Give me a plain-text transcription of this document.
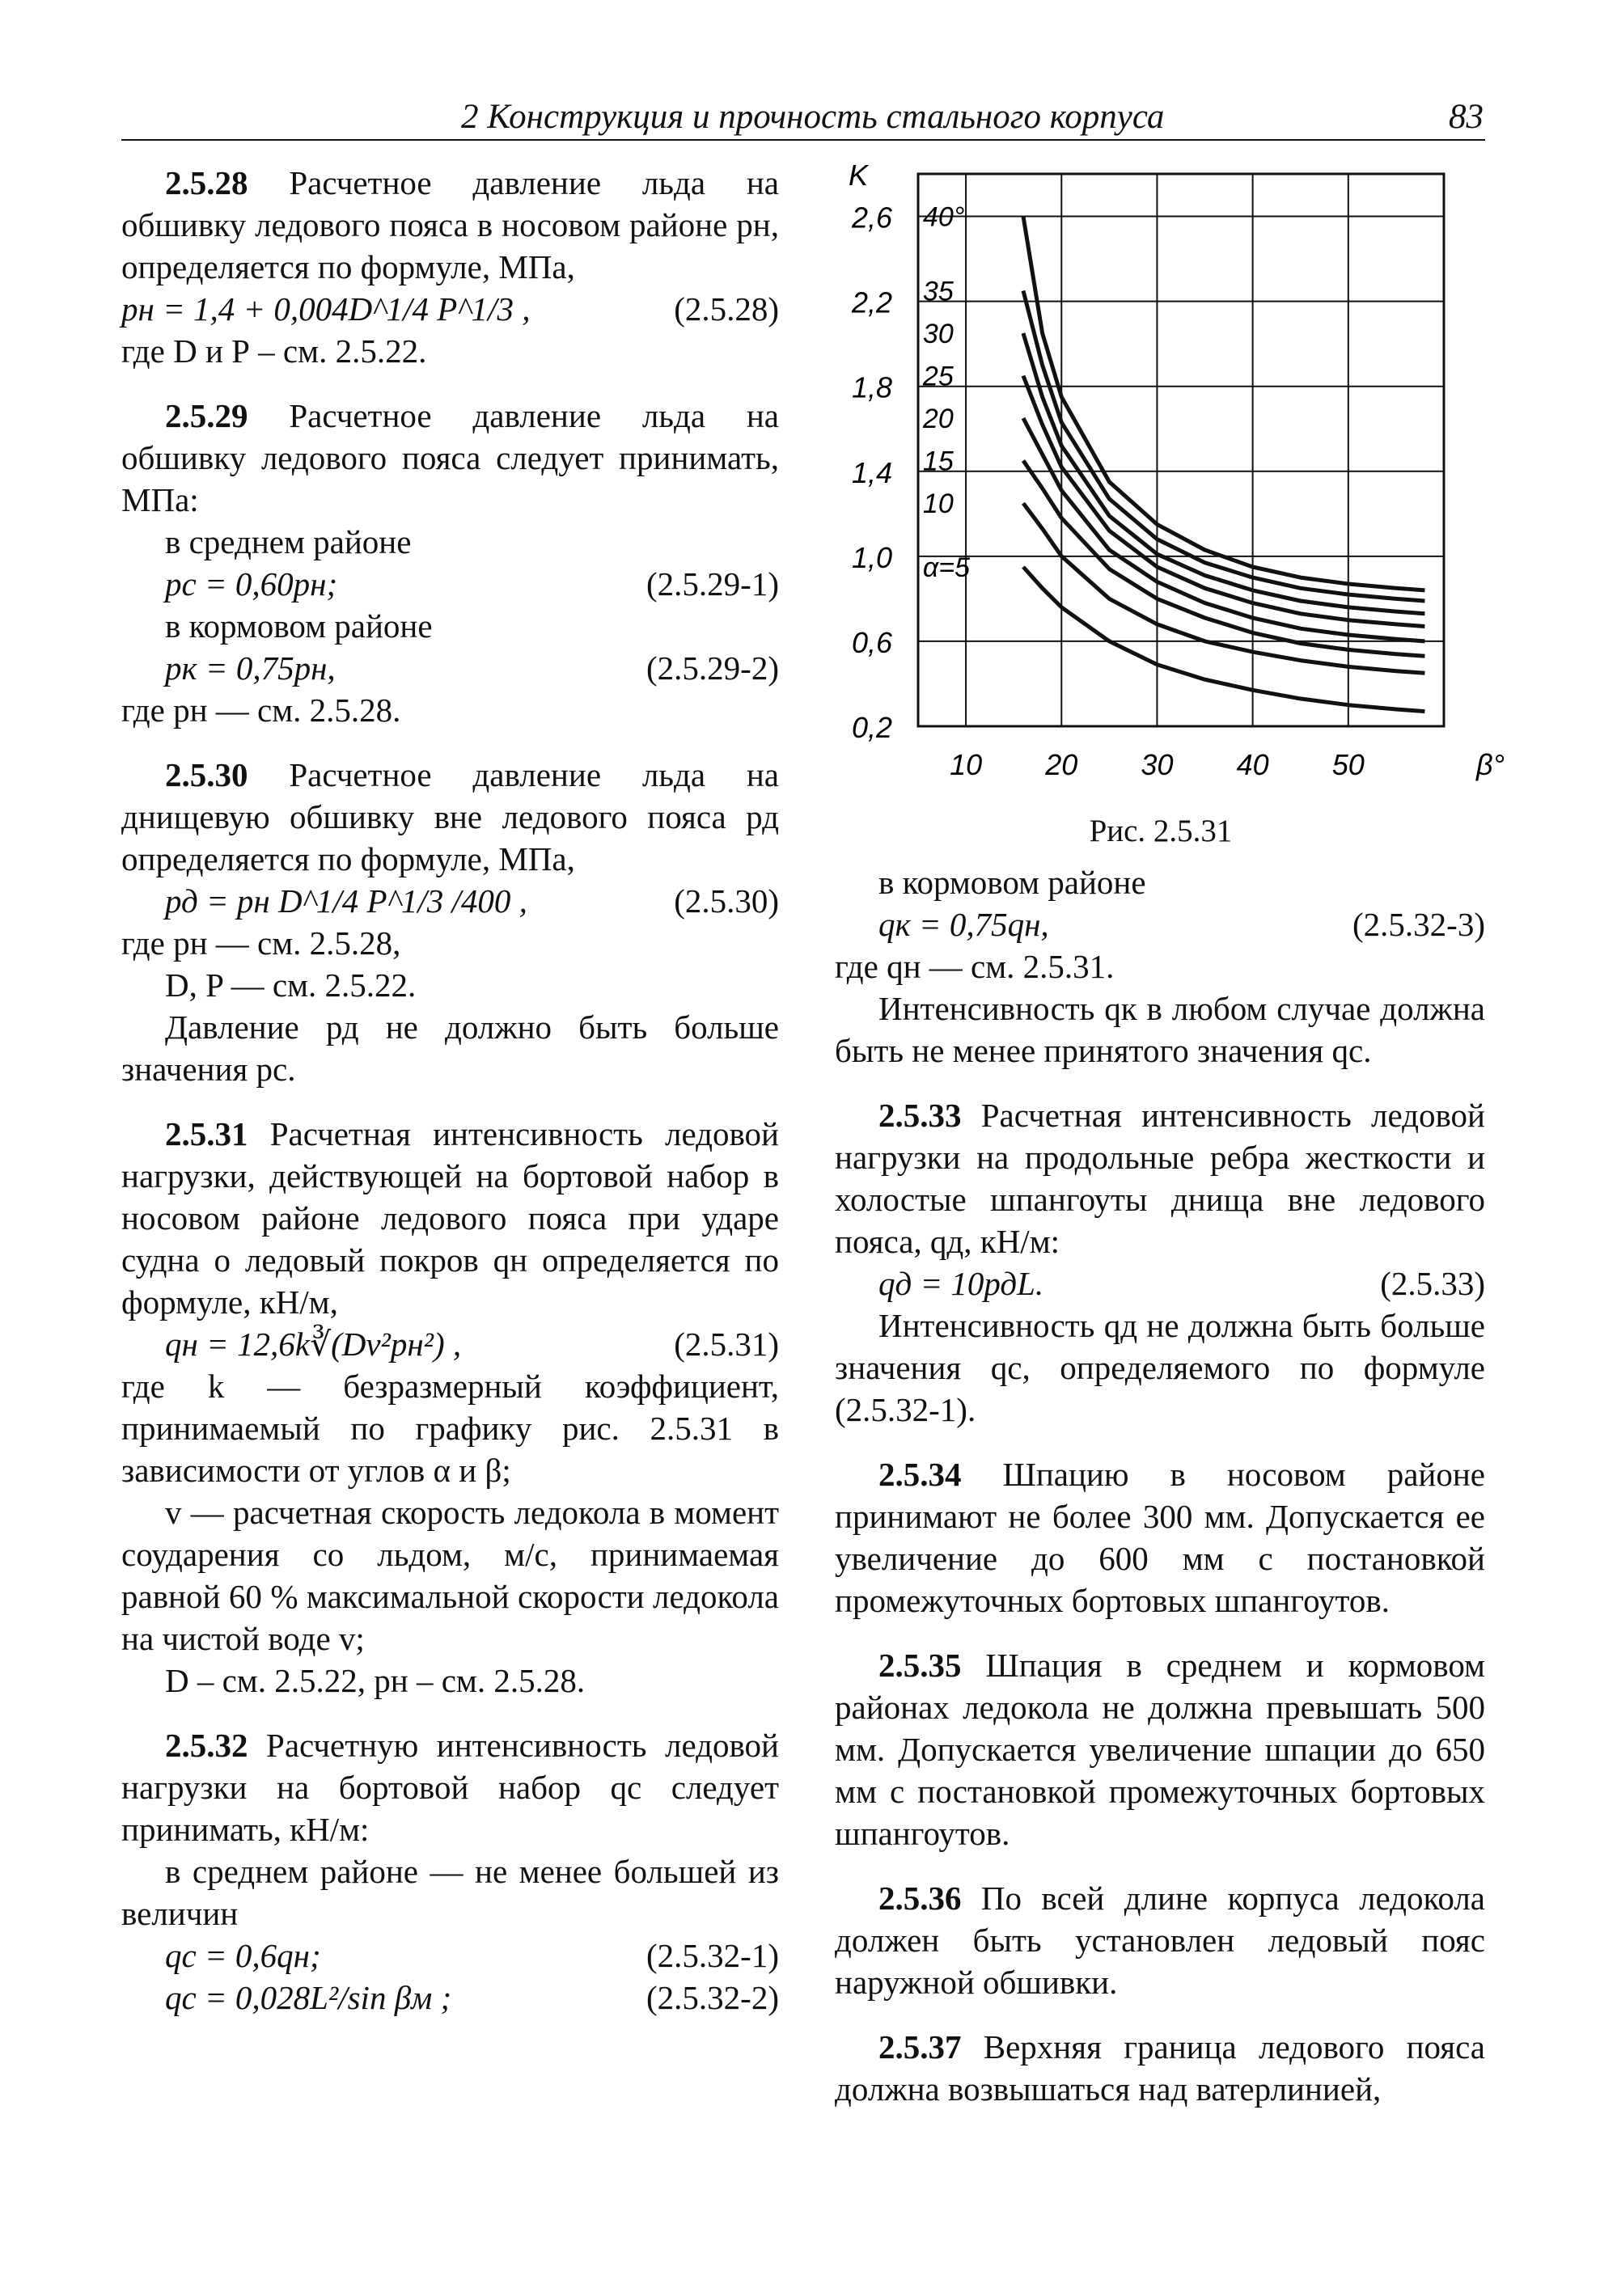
2 Конструкция и прочность стального корпуса	83

2.5.28 Расчетное давление льда на обшивку ледового пояса в носовом районе рн, определяется по формуле, МПа,

рн = 1,4 + 0,004D^1/4 P^1/3 ,	(2.5.28)

где D и Р – см. 2.5.22.

2.5.29 Расчетное давление льда на обшивку ледового пояса следует принимать, МПа:

в среднем районе

рс = 0,60рн;	(2.5.29-1)

в кормовом районе

рк = 0,75рн,	(2.5.29-2)

где рн — см. 2.5.28.

2.5.30 Расчетное давление льда на днищевую обшивку вне ледового пояса рд определяется по формуле, МПа,

рд = рн D^1/4 P^1/3 /400 ,	(2.5.30)

где рн — см. 2.5.28,

D, P — см. 2.5.22.

Давление рд не должно быть больше значения рс.

2.5.31 Расчетная интенсивность ледовой нагрузки, действующей на бортовой набор в носовом районе ледового пояса при ударе судна о ледовый покров qн определяется по формуле, кН/м,

qн = 12,6k∛(Dv²рн²) ,	(2.5.31)

где k — безразмерный коэффициент, принимаемый по графику рис. 2.5.31 в зависимости от углов α и β;

v — расчетная скорость ледокола в момент соударения со льдом, м/с, принимаемая равной 60 % максимальной скорости ледокола на чистой воде v;

D – см. 2.5.22, рн – см. 2.5.28.

2.5.32 Расчетную интенсивность ледовой нагрузки на бортовой набор qс следует принимать, кН/м:

в среднем районе — не менее большей из величин

qс = 0,6qн;	(2.5.32-1)

qс = 0,028L²/sin βм ;	(2.5.32-2)

2,6
2,2
1,8
1,4
1,0
0,6
0,2
10 20 30 40 50
K
β°
40°
35
30
25
20
15
10
α=5
Рис. 2.5.31

в кормовом районе

qк = 0,75qн,	(2.5.32-3)

где qн — см. 2.5.31.

Интенсивность qк в любом случае должна быть не менее принятого значения qс.

2.5.33 Расчетная интенсивность ледовой нагрузки на продольные ребра жесткости и холостые шпангоуты днища вне ледового пояса, qд, кН/м:

qд = 10рдL.	(2.5.33)

Интенсивность qд не должна быть больше значения qс, определяемого по формуле (2.5.32-1).

2.5.34 Шпацию в носовом районе принимают не более 300 мм. Допускается ее увеличение до 600 мм с постановкой промежуточных бортовых шпангоутов.

2.5.35 Шпация в среднем и кормовом районах ледокола не должна превышать 500 мм. Допускается увеличение шпации до 650 мм с постановкой промежуточных бортовых шпангоутов.

2.5.36 По всей длине корпуса ледокола должен быть установлен ледовый пояс наружной обшивки.

2.5.37 Верхняя граница ледового пояса должна возвышаться над ватерлинией,
